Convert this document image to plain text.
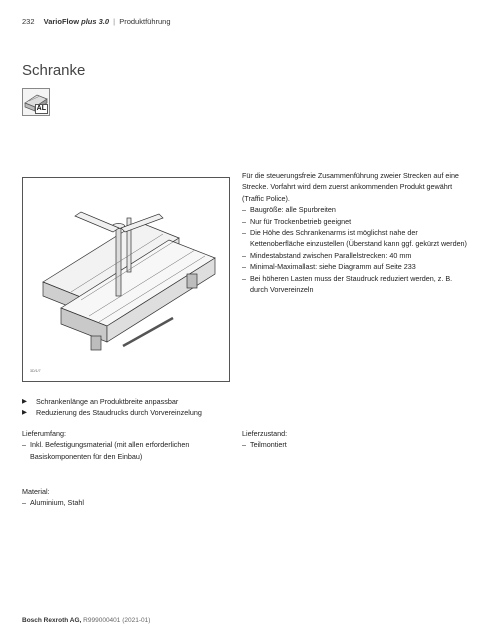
232 VarioFlow plus 3.0 | Produktführung
Schranke
AL
3D/1/7

Für die steuerungsfreie Zusammenführung zweier Strecken auf eine Strecke. Vorfahrt wird dem zuerst ankommenden Produkt gewährt (Traffic Police).

– Baugröße: alle Spurbreiten
– Nur für Trockenbetrieb geeignet
– Die Höhe des Schrankenarms ist möglichst nahe der Kettenoberfläche einzustellen (Überstand kann ggf. gekürzt werden)
– Mindestabstand zwischen Parallelstrecken: 40 mm
– Minimal-Maximallast: siehe Diagramm auf Seite 233
– Bei höheren Lasten muss der Staudruck reduziert werden, z. B. durch Vorvereinzeln
▶ Schrankenlänge an Produktbreite anpassbar
▶ Reduzierung des Staudrucks durch Vorvereinzelung
Lieferumfang:
– Inkl. Befestigungsmaterial (mit allen erforderlichen Basiskomponenten für den Einbau)
Lieferzustand:
– Teilmontiert
Material:
– Aluminium, Stahl
Bosch Rexroth AG, R999000401 (2021-01)
